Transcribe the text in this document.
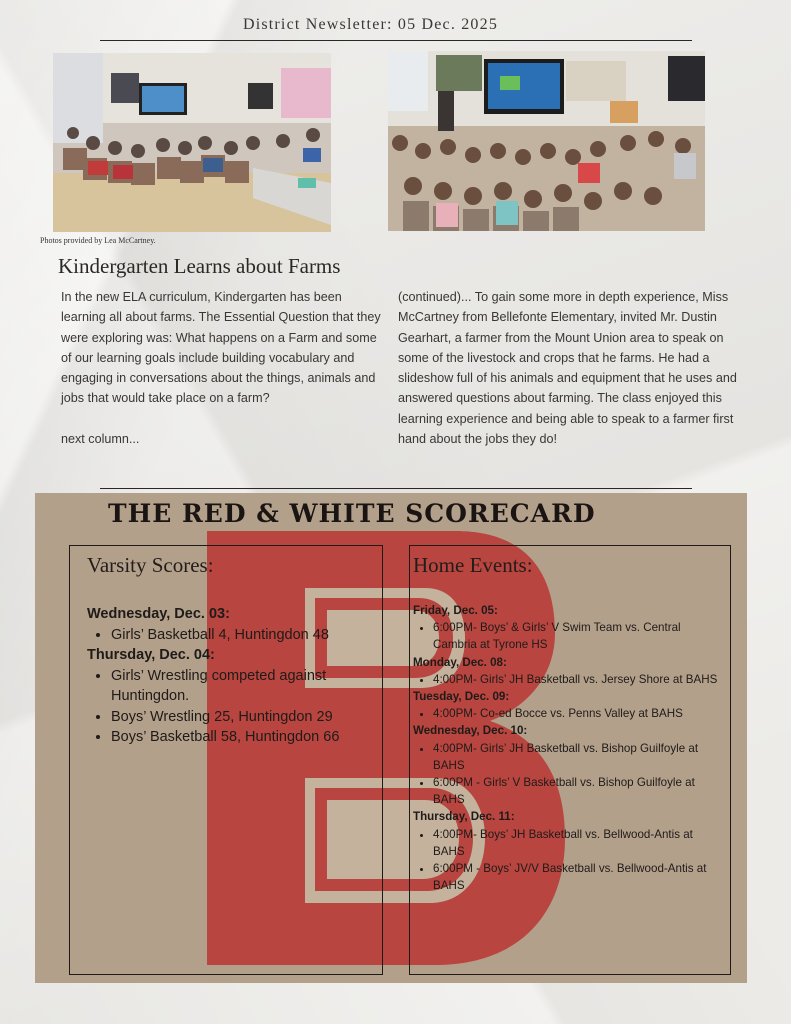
District Newsletter: 05 Dec. 2025
Photos provided by Lea McCartney.
Kindergarten Learns about Farms

In the new ELA curriculum, Kindergarten has been learning all about farms. The Essential Question that they were exploring was: What happens on a Farm and some of our learning goals include building vocabulary and engaging in conversations about the things, animals and jobs that would take place on a farm?

next column...

(continued)... To gain some more in depth experience, Miss McCartney from Bellefonte Elementary, invited Mr. Dustin Gearhart, a farmer from the Mount Union area to speak on some of the livestock and crops that he farms. He had a slideshow full of his animals and equipment that he uses and answered questions about farming. The class enjoyed this learning experience and being able to speak to a farmer first hand about the jobs they do!

THE RED & WHITE SCORECARD
Varsity Scores:
Wednesday, Dec. 03:
• Girls’ Basketball 4, Huntingdon 48
Thursday, Dec. 04:
• Girls’ Wrestling competed against Huntingdon.
• Boys’ Wrestling 25, Huntingdon 29
• Boys’ Basketball 58, Huntingdon 66
Home Events:
Friday, Dec. 05:
• 6:00PM- Boys’ & Girls’ V Swim Team vs. Central Cambria at Tyrone HS
Monday, Dec. 08:
• 4:00PM- Girls’ JH Basketball vs. Jersey Shore at BAHS
Tuesday, Dec. 09:
• 4:00PM- Co-ed Bocce vs. Penns Valley at BAHS
Wednesday, Dec. 10:
• 4:00PM- Girls’ JH Basketball vs. Bishop Guilfoyle at BAHS
• 6:00PM - Girls’ V Basketball vs. Bishop Guilfoyle at BAHS
Thursday, Dec. 11:
• 4:00PM- Boys’ JH Basketball vs. Bellwood-Antis at BAHS
• 6:00PM - Boys’ JV/V Basketball vs. Bellwood-Antis at BAHS
